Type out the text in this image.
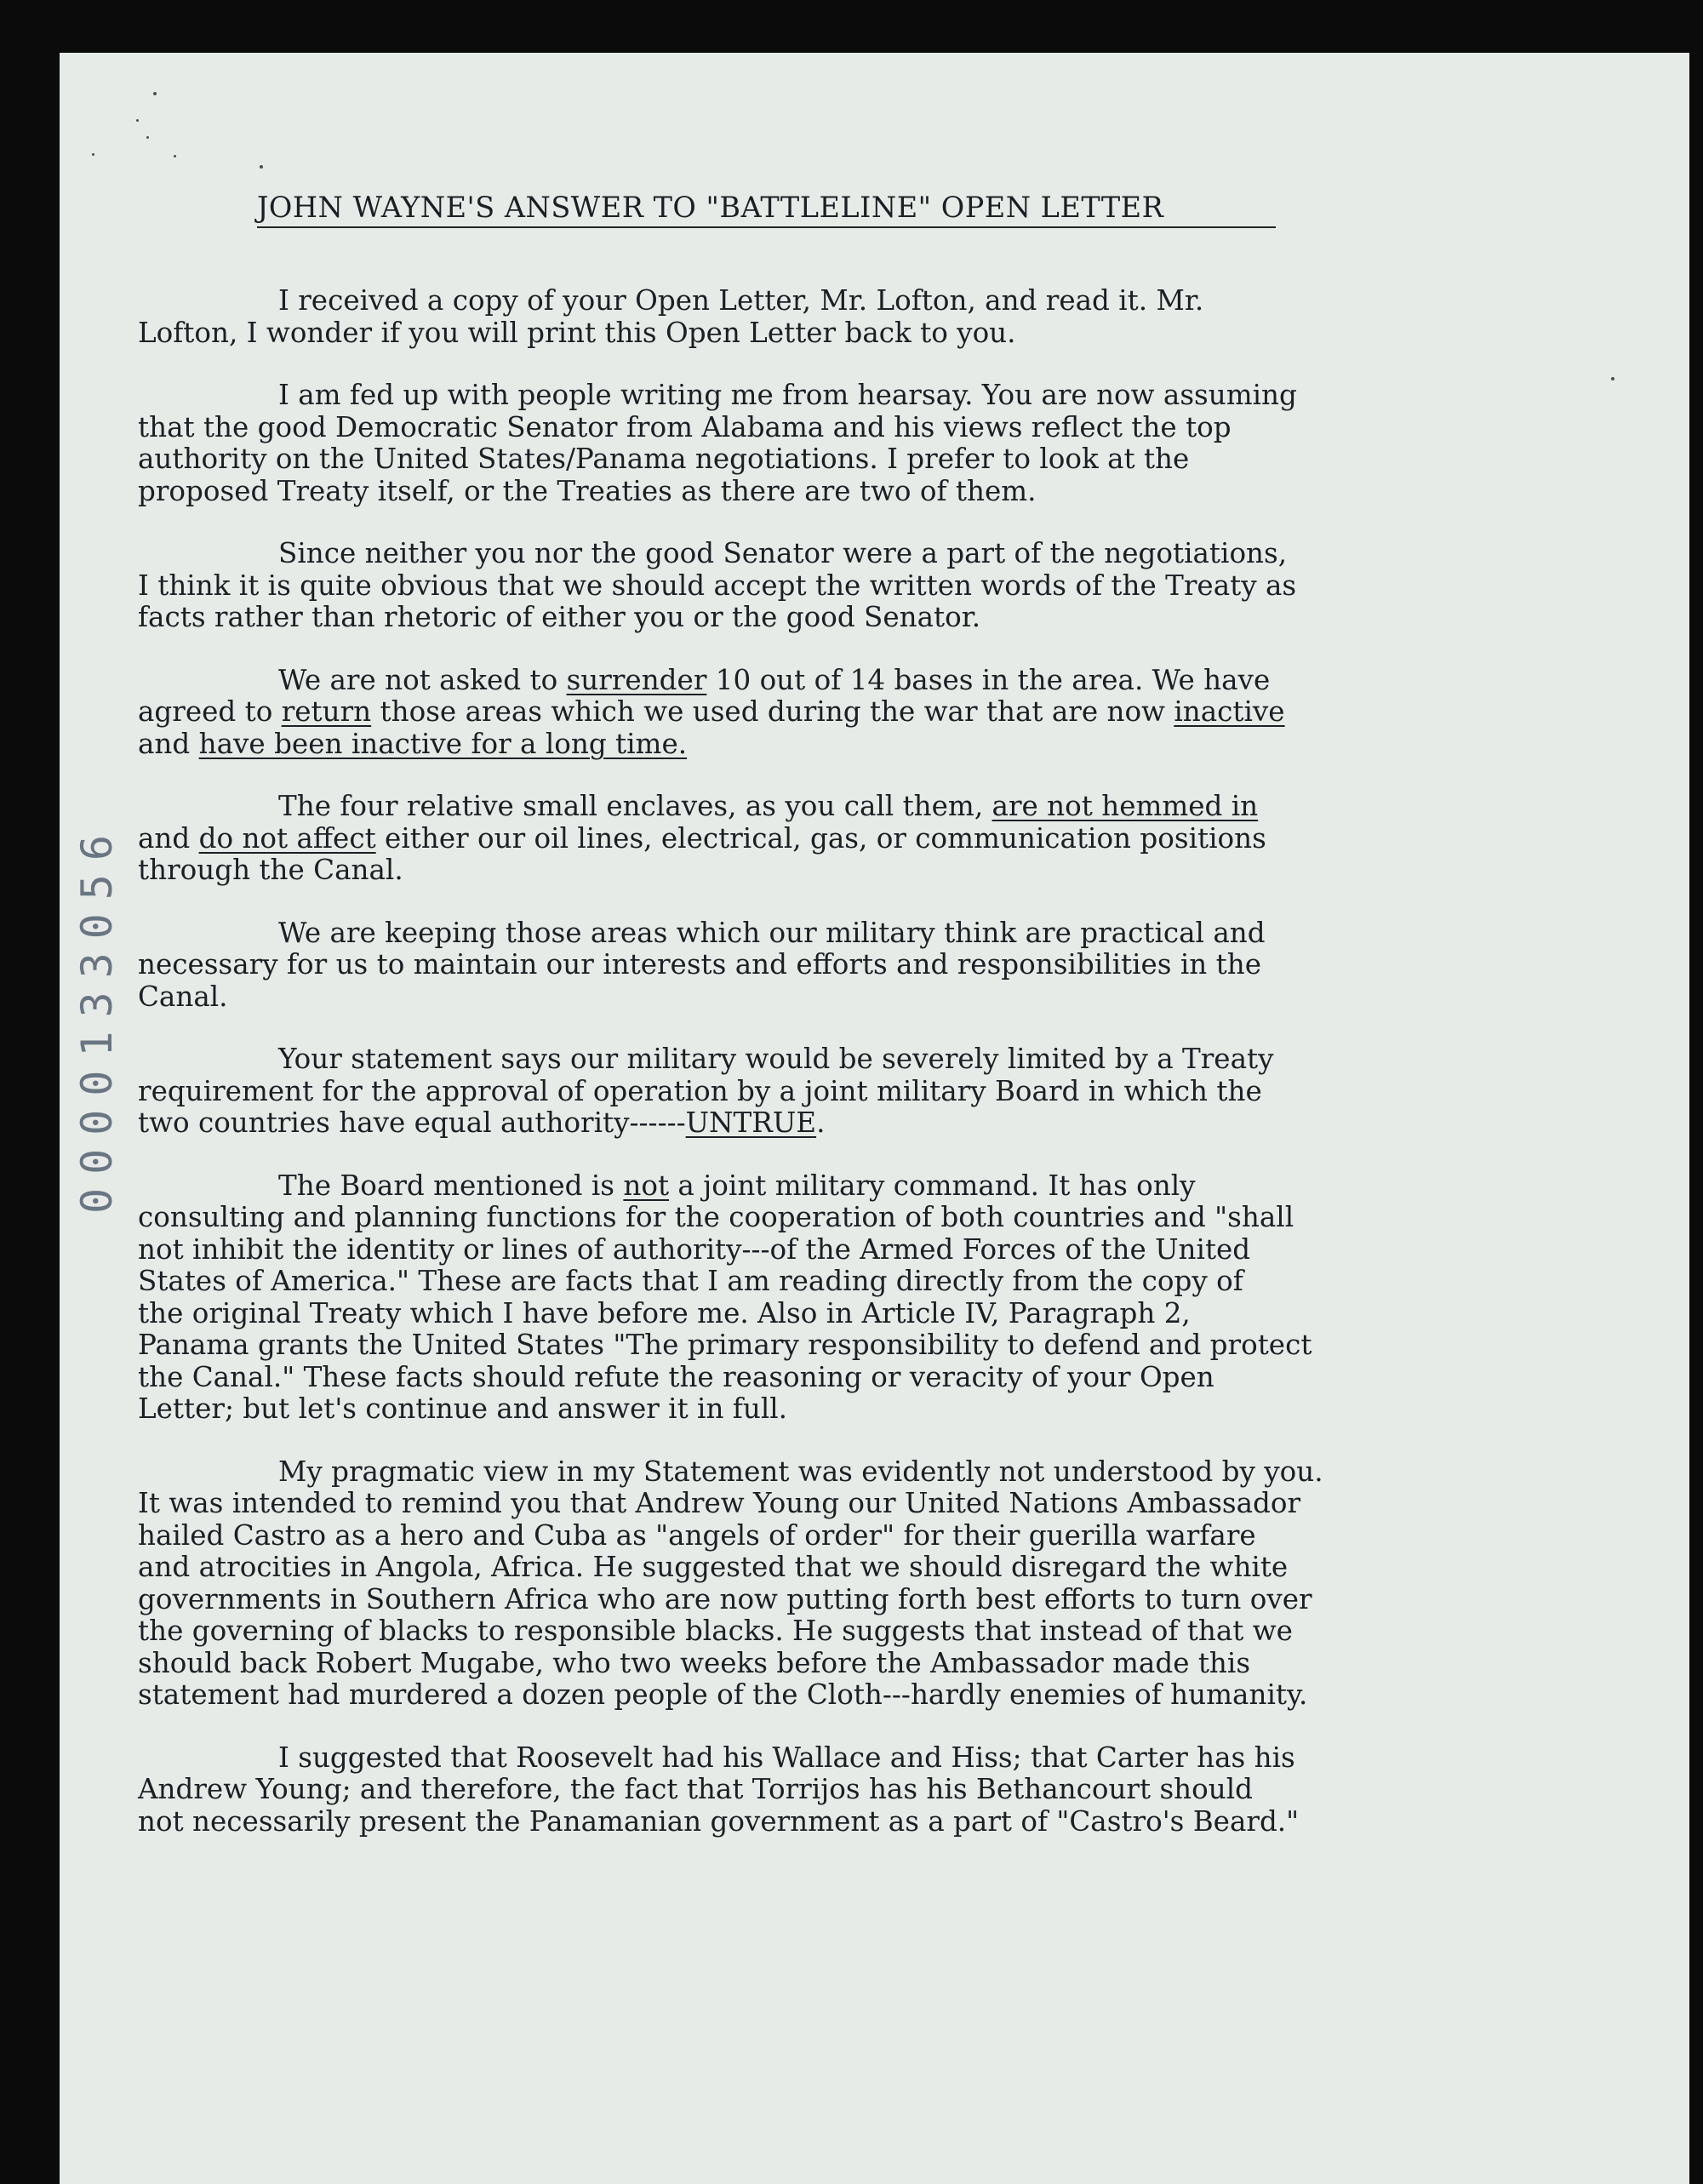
JOHN WAYNE'S ANSWER TO "BATTLELINE" OPEN LETTER
0000133056

I received a copy of your Open Letter, Mr. Lofton, and read it. Mr.
Lofton, I wonder if you will print this Open Letter back to you.

I am fed up with people writing me from hearsay. You are now assuming
that the good Democratic Senator from Alabama and his views reflect the top
authority on the United States/Panama negotiations. I prefer to look at the
proposed Treaty itself, or the Treaties as there are two of them.

Since neither you nor the good Senator were a part of the negotiations,
I think it is quite obvious that we should accept the written words of the Treaty as
facts rather than rhetoric of either you or the good Senator.

We are not asked to surrender 10 out of 14 bases in the area. We have
agreed to return those areas which we used during the war that are now inactive
and have been inactive for a long time.

The four relative small enclaves, as you call them, are not hemmed in
and do not affect either our oil lines, electrical, gas, or communication positions
through the Canal.

We are keeping those areas which our military think are practical and
necessary for us to maintain our interests and efforts and responsibilities in the
Canal.

Your statement says our military would be severely limited by a Treaty
requirement for the approval of operation by a joint military Board in which the
two countries have equal authority------UNTRUE.

The Board mentioned is not a joint military command. It has only
consulting and planning functions for the cooperation of both countries and "shall
not inhibit the identity or lines of authority---of the Armed Forces of the United
States of America." These are facts that I am reading directly from the copy of
the original Treaty which I have before me. Also in Article IV, Paragraph 2,
Panama grants the United States "The primary responsibility to defend and protect
the Canal." These facts should refute the reasoning or veracity of your Open
Letter; but let's continue and answer it in full.

My pragmatic view in my Statement was evidently not understood by you.
It was intended to remind you that Andrew Young our United Nations Ambassador
hailed Castro as a hero and Cuba as "angels of order" for their guerilla warfare
and atrocities in Angola, Africa. He suggested that we should disregard the white
governments in Southern Africa who are now putting forth best efforts to turn over
the governing of blacks to responsible blacks. He suggests that instead of that we
should back Robert Mugabe, who two weeks before the Ambassador made this
statement had murdered a dozen people of the Cloth---hardly enemies of humanity.

I suggested that Roosevelt had his Wallace and Hiss; that Carter has his
Andrew Young; and therefore, the fact that Torrijos has his Bethancourt should
not necessarily present the Panamanian government as a part of "Castro's Beard."
